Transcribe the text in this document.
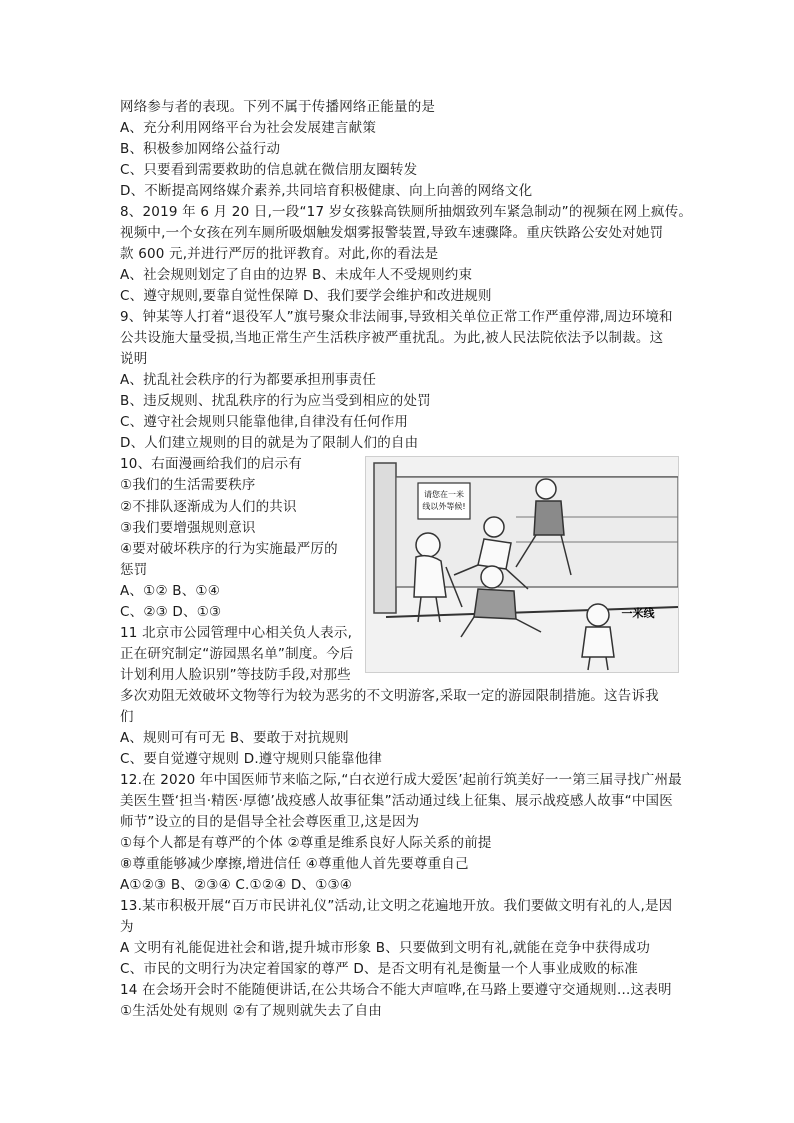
网络参与者的表现。下列不属于传播网络正能量的是
A、充分利用网络平台为社会发展建言献策
B、积极参加网络公益行动
C、只要看到需要救助的信息就在微信朋友圈转发
D、不断提高网络媒介素养,共同培育积极健康、向上向善的网络文化
8、2019 年 6 月 20 日,一段“17 岁女孩躲高铁厕所抽烟致列车紧急制动”的视频在网上疯传。
视频中,一个女孩在列车厕所吸烟触发烟雾报警装置,导致车速骤降。重庆铁路公安处对她罚
款 600 元,并进行严厉的批评教育。对此,你的看法是
A、社会规则划定了自由的边界 B、未成年人不受规则约束
C、遵守规则,要靠自觉性保障 D、我们要学会维护和改进规则
9、钟某等人打着“退役军人”旗号聚众非法闹事,导致相关单位正常工作严重停滞,周边环境和
公共设施大量受损,当地正常生产生活秩序被严重扰乱。为此,被人民法院依法予以制裁。这
说明
A、扰乱社会秩序的行为都要承担刑事责任
B、违反规则、扰乱秩序的行为应当受到相应的处罚
C、遵守社会规则只能靠他律,自律没有任何作用
D、人们建立规则的目的就是为了限制人们的自由
10、右面漫画给我们的启示有
①我们的生活需要秩序
②不排队逐渐成为人们的共识
③我们要增强规则意识
④要对破坏秩序的行为实施最严厉的
惩罚
A、①② B、①④
C、②③ D、①③
11 北京市公园管理中心相关负人表示,
正在研究制定“游园黑名单”制度。今后
计划利用人脸识别”等技防手段,对那些
多次劝阻无效破坏文物等行为较为恶劣的不文明游客,采取一定的游园限制措施。这告诉我
们
A、规则可有可无 B、要敢于对抗规则
C、要自觉遵守规则 D.遵守规则只能靠他律
12.在 2020 年中国医师节来临之际,“白衣逆行成大爱医’起前行筑美好一一第三届寻找广州最
美医生暨‘担当·精医·厚德’战疫感人故事征集”活动通过线上征集、展示战疫感人故事“中国医
师节”设立的目的是倡导全社会尊医重卫,这是因为
①每个人都是有尊严的个体 ②尊重是维系良好人际关系的前提
⑧尊重能够减少摩擦,增进信任 ④尊重他人首先要尊重自己
A①②③ B、②③④ C.①②④ D、①③④
13.某市积极开展“百万市民讲礼仪”活动,让文明之花遍地开放。我们要做文明有礼的人,是因
为
A 文明有礼能促进社会和谐,提升城市形象 B、只要做到文明有礼,就能在竞争中获得成功
C、市民的文明行为决定着国家的尊严 D、是否文明有礼是衡量一个人事业成败的标准
14 在会场开会时不能随便讲话,在公共场合不能大声喧哗,在马路上要遵守交通规则…这表明
①生活处处有规则 ②有了规则就失去了自由
请您在一米
线以外等候!
一米线
